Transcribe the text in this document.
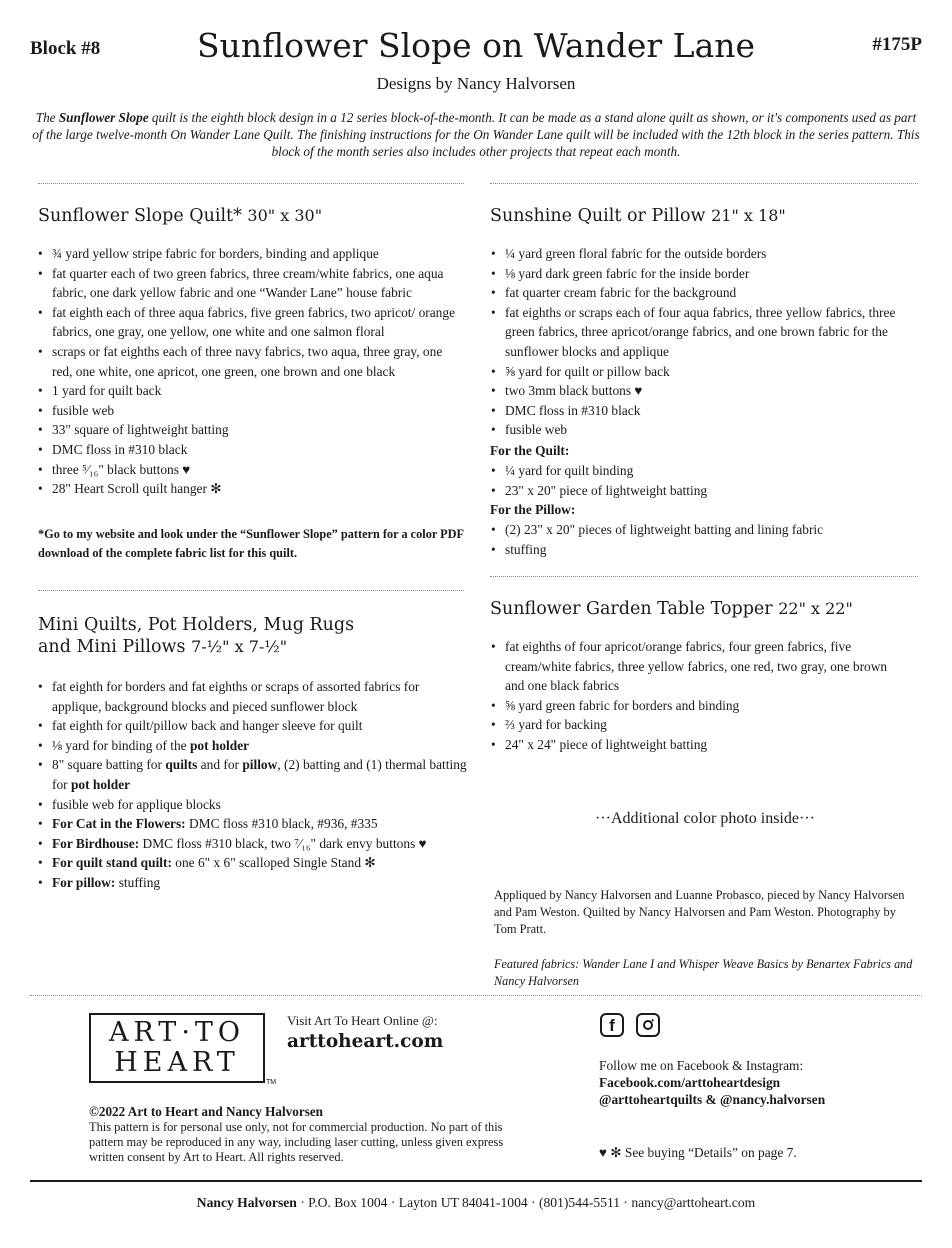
Block #8	Sunflower Slope on Wander Lane	#175P
Designs by Nancy Halvorsen
The Sunflower Slope quilt is the eighth block design in a 12 series block-of-the-month. It can be made as a stand alone quilt as shown, or it's components used as part of the large twelve-month On Wander Lane Quilt. The finishing instructions for the On Wander Lane quilt will be included with the 12th block in the series pattern. This block of the month series also includes other projects that repeat each month.
Sunflower Slope Quilt* 30" x 30"
• ¾ yard yellow stripe fabric for borders, binding and applique
• fat quarter each of two green fabrics, three cream/white fabrics, one aqua fabric, one dark yellow fabric and one “Wander Lane” house fabric
• fat eighth each of three aqua fabrics, five green fabrics, two apricot/ orange fabrics, one gray, one yellow, one white and one salmon floral
• scraps or fat eighths each of three navy fabrics, two aqua, three gray, one red, one white, one apricot, one green, one brown and one black
• 1 yard for quilt back
• fusible web
• 33" square of lightweight batting
• DMC floss in #310 black
• three ⁵⁄₁₆" black buttons ♥
• 28" Heart Scroll quilt hanger ✻
*Go to my website and look under the “Sunflower Slope” pattern for a color PDF download of the complete fabric list for this quilt.
Mini Quilts, Pot Holders, Mug Rugs
and Mini Pillows 7-½" x 7-½"
• fat eighth for borders and fat eighths or scraps of assorted fabrics for applique, background blocks and pieced sunflower block
• fat eighth for quilt/pillow back and hanger sleeve for quilt
• ⅛ yard for binding of the pot holder
• 8" square batting for quilts and for pillow, (2) batting and (1) thermal batting for pot holder
• fusible web for applique blocks
• For Cat in the Flowers: DMC floss #310 black, #936, #335
• For Birdhouse: DMC floss #310 black, two ⁷⁄₁₆" dark envy buttons ♥
• For quilt stand quilt: one 6" x 6" scalloped Single Stand ✻
• For pillow: stuffing
Sunshine Quilt or Pillow 21" x 18"
• ¼ yard green floral fabric for the outside borders
• ⅛ yard dark green fabric for the inside border
• fat quarter cream fabric for the background
• fat eighths or scraps each of four aqua fabrics, three yellow fabrics, three green fabrics, three apricot/orange fabrics, and one brown fabric for the sunflower blocks and applique
• ⅝ yard for quilt or pillow back
• two 3mm black buttons ♥
• DMC floss in #310 black
• fusible web
For the Quilt:
• ¼ yard for quilt binding
• 23" x 20" piece of lightweight batting
For the Pillow:
• (2) 23" x 20" pieces of lightweight batting and lining fabric
• stuffing
Sunflower Garden Table Topper 22" x 22"
• fat eighths of four apricot/orange fabrics, four green fabrics, five cream/white fabrics, three yellow fabrics, one red, two gray, one brown and one black fabrics
• ⅝ yard green fabric for borders and binding
• ⅔ yard for backing
• 24" x 24" piece of lightweight batting
···Additional color photo inside···
Appliqued by Nancy Halvorsen and Luanne Probasco, pieced by Nancy Halvorsen and Pam Weston. Quilted by Nancy Halvorsen and Pam Weston. Photography by Tom Pratt.
Featured fabrics: Wander Lane I and Whisper Weave Basics by Benartex Fabrics and Nancy Halvorsen
ART·TO
HEART
TM
Visit Art To Heart Online @:
arttoheart.com
©2022 Art to Heart and Nancy Halvorsen
This pattern is for personal use only, not for commercial production. No part of this pattern may be reproduced in any way, including laser cutting, unless given express written consent by Art to Heart. All rights reserved.
f
Follow me on Facebook & Instagram:
Facebook.com/arttoheartdesign
@arttoheartquilts & @nancy.halvorsen
♥ ✻ See buying “Details” on page 7.
Nancy Halvorsen · P.O. Box 1004 · Layton UT 84041-1004 · (801)544-5511 · nancy@arttoheart.com
